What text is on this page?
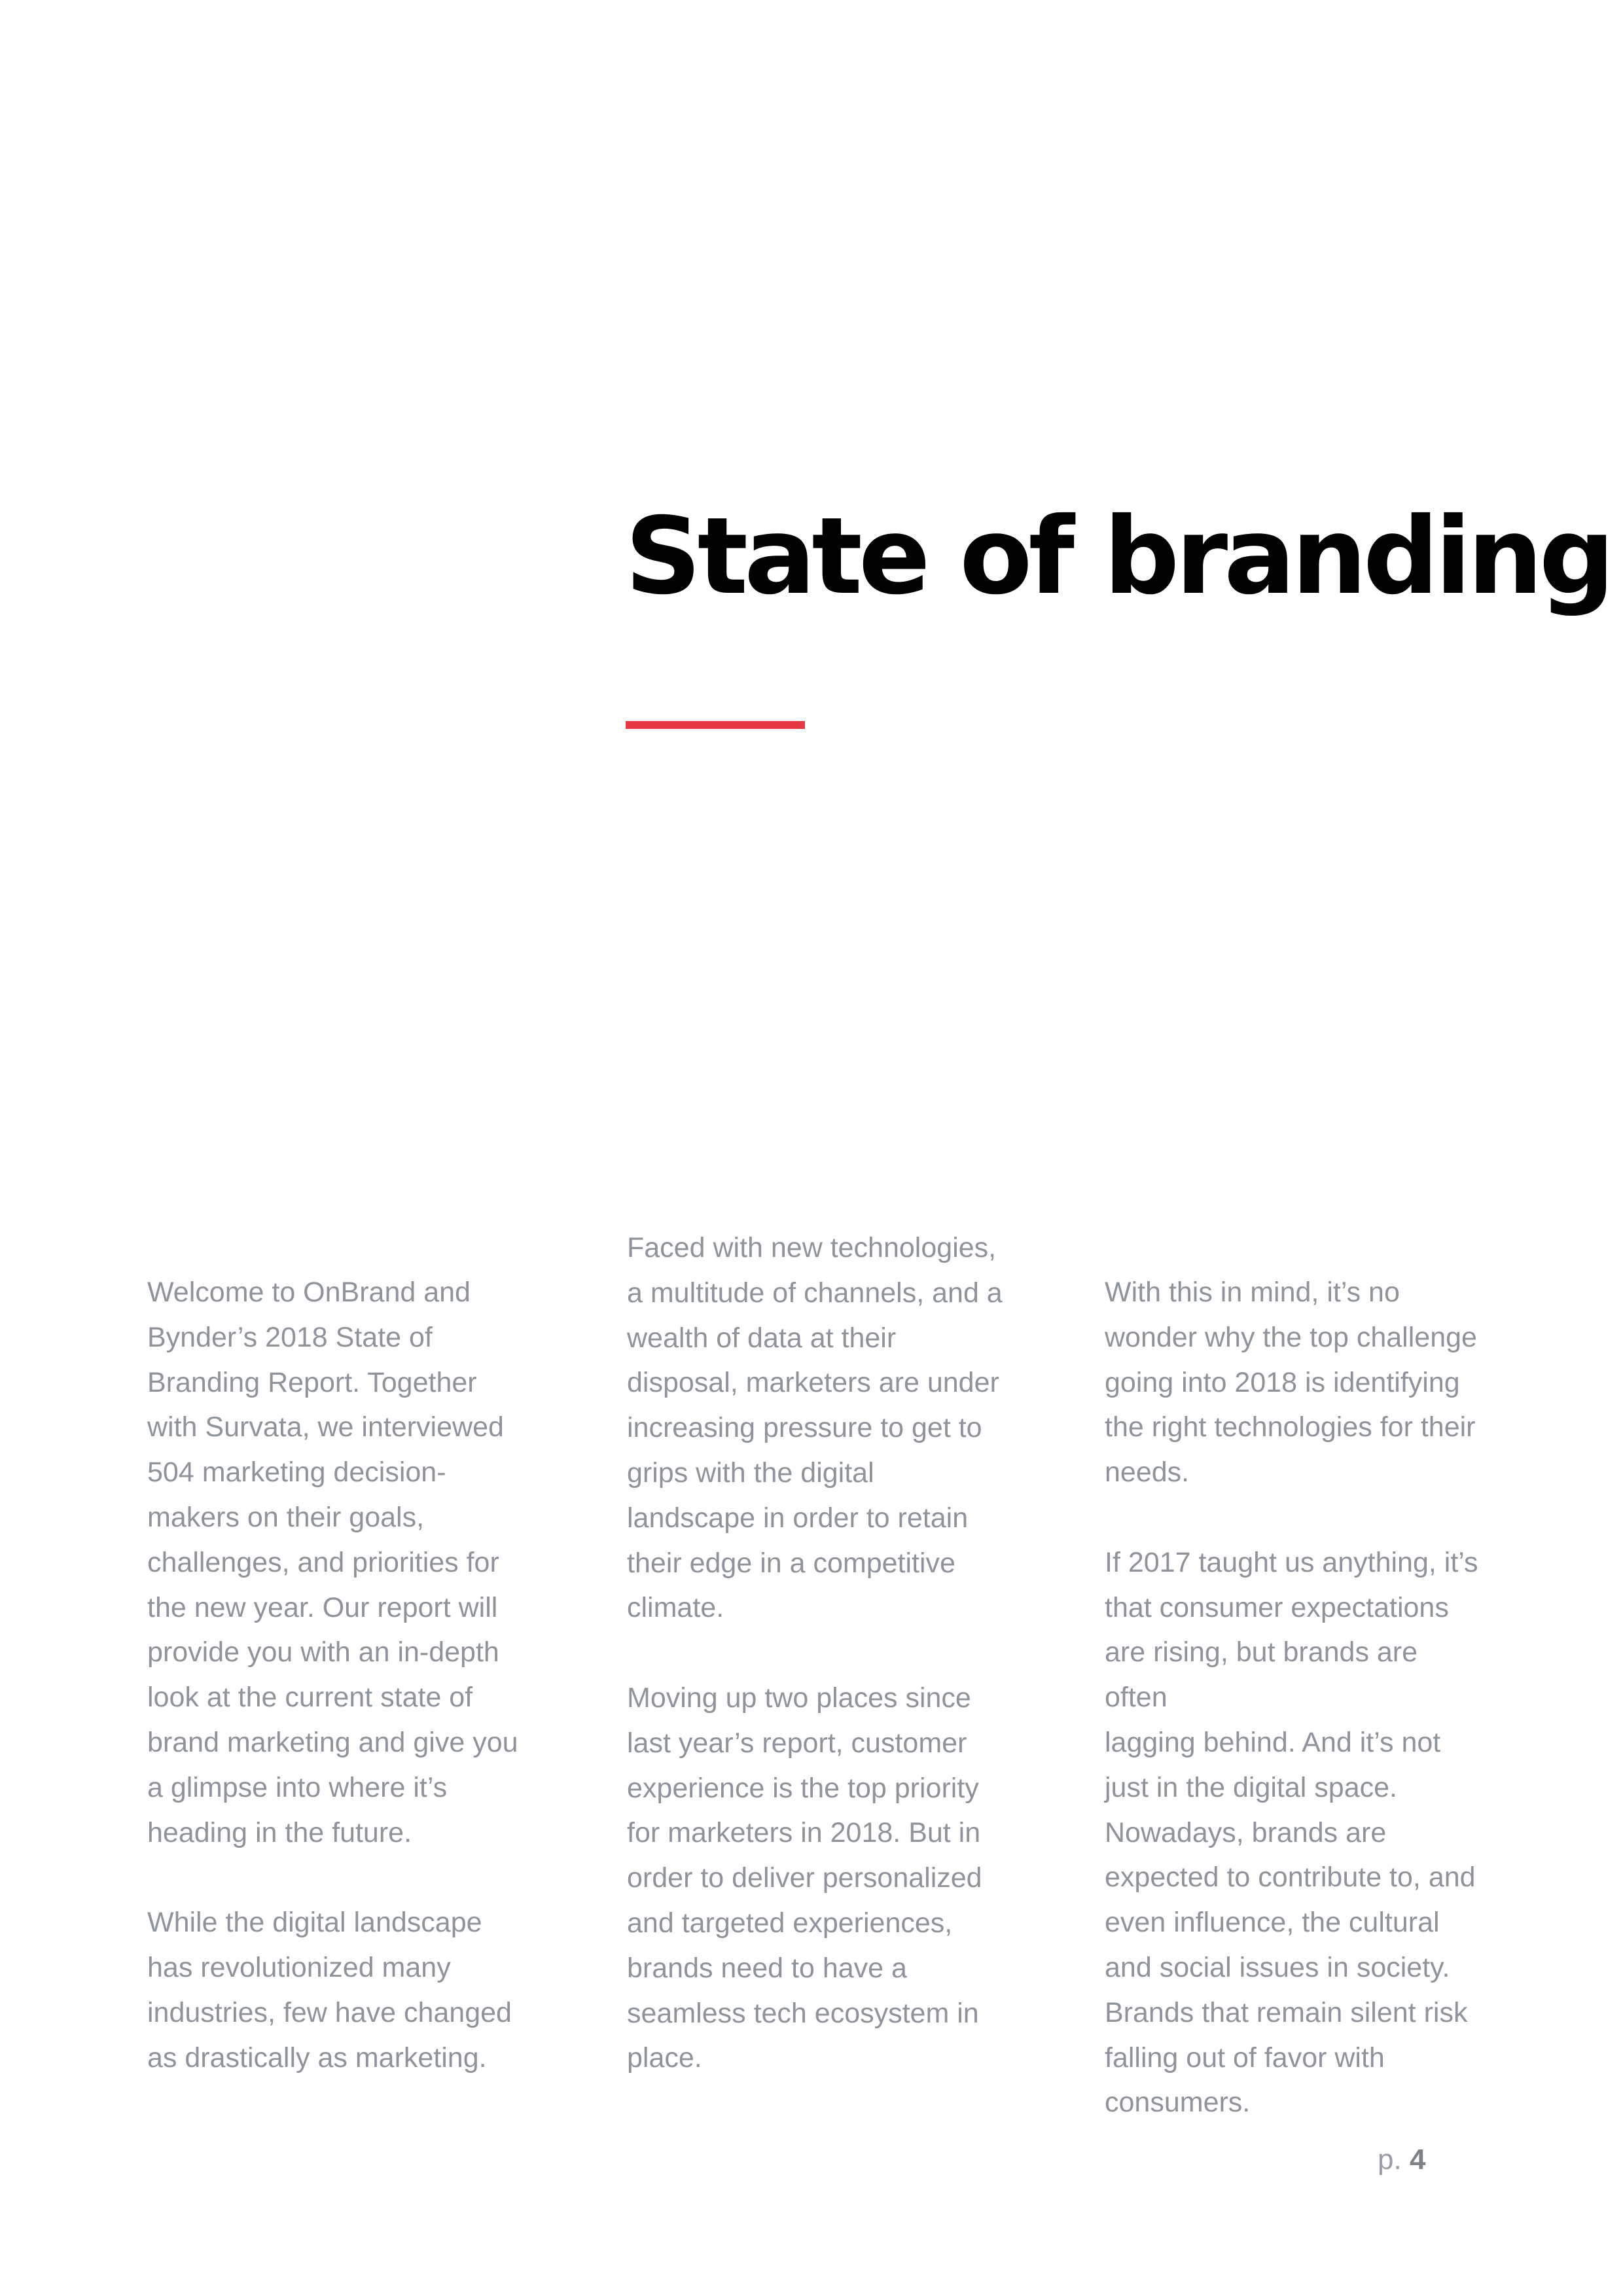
State of branding

Welcome to OnBrand and
Bynder’s 2018 State of
Branding Report. Together
with Survata, we interviewed
504 marketing decision-
makers on their goals,
challenges, and priorities for
the new year. Our report will
provide you with an in-depth
look at the current state of
brand marketing and give you
a glimpse into where it’s
heading in the future.

While the digital landscape
has revolutionized many
industries, few have changed
as drastically as marketing.

Faced with new technologies,
a multitude of channels, and a
wealth of data at their
disposal, marketers are under
increasing pressure to get to
grips with the digital
landscape in order to retain
their edge in a competitive
climate.

Moving up two places since
last year’s report, customer
experience is the top priority
for marketers in 2018. But in
order to deliver personalized
and targeted experiences,
brands need to have a
seamless tech ecosystem in
place.

With this in mind, it’s no
wonder why the top challenge
going into 2018 is identifying
the right technologies for their
needs.

If 2017 taught us anything, it’s
that consumer expectations
are rising, but brands are often
lagging behind. And it’s not
just in the digital space.
Nowadays, brands are
expected to contribute to, and
even influence, the cultural
and social issues in society.
Brands that remain silent risk
falling out of favor with
consumers.

p. 4
